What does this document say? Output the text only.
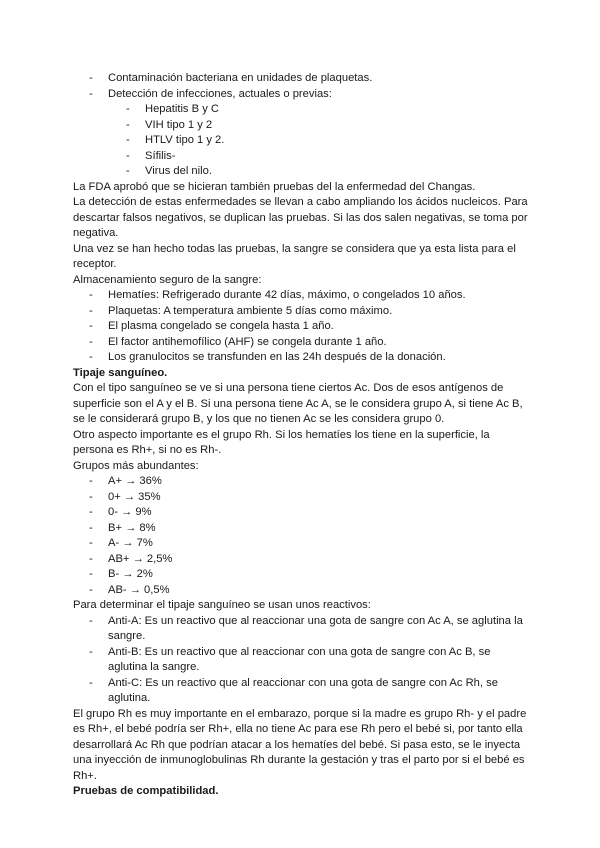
- Contaminación bacteriana en unidades de plaquetas.

- Detección de infecciones, actuales o previas:

- Hepatitis B y C

- VIH tipo 1 y 2

- HTLV tipo 1 y 2.

- Sífilis-

- Virus del nilo.

La FDA aprobó que se hicieran también pruebas del la enfermedad del Changas.

La detección de estas enfermedades se llevan a cabo ampliando los ácidos nucleicos. Para descartar falsos negativos, se duplican las pruebas. Si las dos salen negativas, se toma por negativa.

Una vez se han hecho todas las pruebas, la sangre se considera que ya esta lista para el receptor.

Almacenamiento seguro de la sangre:

- Hematíes: Refrigerado durante 42 días, máximo, o congelados 10 años.

- Plaquetas: A temperatura ambiente 5 días como máximo.

- El plasma congelado se congela hasta 1 año.

- El factor antihemofílico (AHF) se congela durante 1 año.

- Los granulocitos se transfunden en las 24h después de la donación.

Tipaje sanguíneo.

Con el tipo sanguíneo se ve si una persona tiene ciertos Ac. Dos de esos antígenos de superficie son el A y el B. Si una persona tiene Ac A, se le considera grupo A, si tiene Ac B, se le considerará grupo B, y los que no tienen Ac se les considera grupo 0.

Otro aspecto importante es el grupo Rh. Si los hematíes los tiene en la superficie, la persona es Rh+, si no es Rh-.

Grupos más abundantes:

- A+ → 36%

- 0+ → 35%

- 0- → 9%

- B+ → 8%

- A- → 7%

- AB+ → 2,5%

- B- → 2%

- AB- → 0,5%

Para determinar el tipaje sanguíneo se usan unos reactivos:

- Anti-A: Es un reactivo que al reaccionar una gota de sangre con Ac A, se aglutina la sangre.

- Anti-B: Es un reactivo que al reaccionar con una gota de sangre con Ac B, se aglutina la sangre.

- Anti-C: Es un reactivo que al reaccionar con una gota de sangre con Ac Rh, se aglutina.

El grupo Rh es muy importante en el embarazo, porque si la madre es grupo Rh- y el padre es Rh+, el bebé podría ser Rh+, ella no tiene Ac para ese Rh pero el bebé si, por tanto ella desarrollará Ac Rh que podrían atacar a los hematíes del bebé. Si pasa esto, se le inyecta una inyección de inmunoglobulinas Rh durante la gestación y tras el parto por si el bebé es Rh+.

Pruebas de compatibilidad.
